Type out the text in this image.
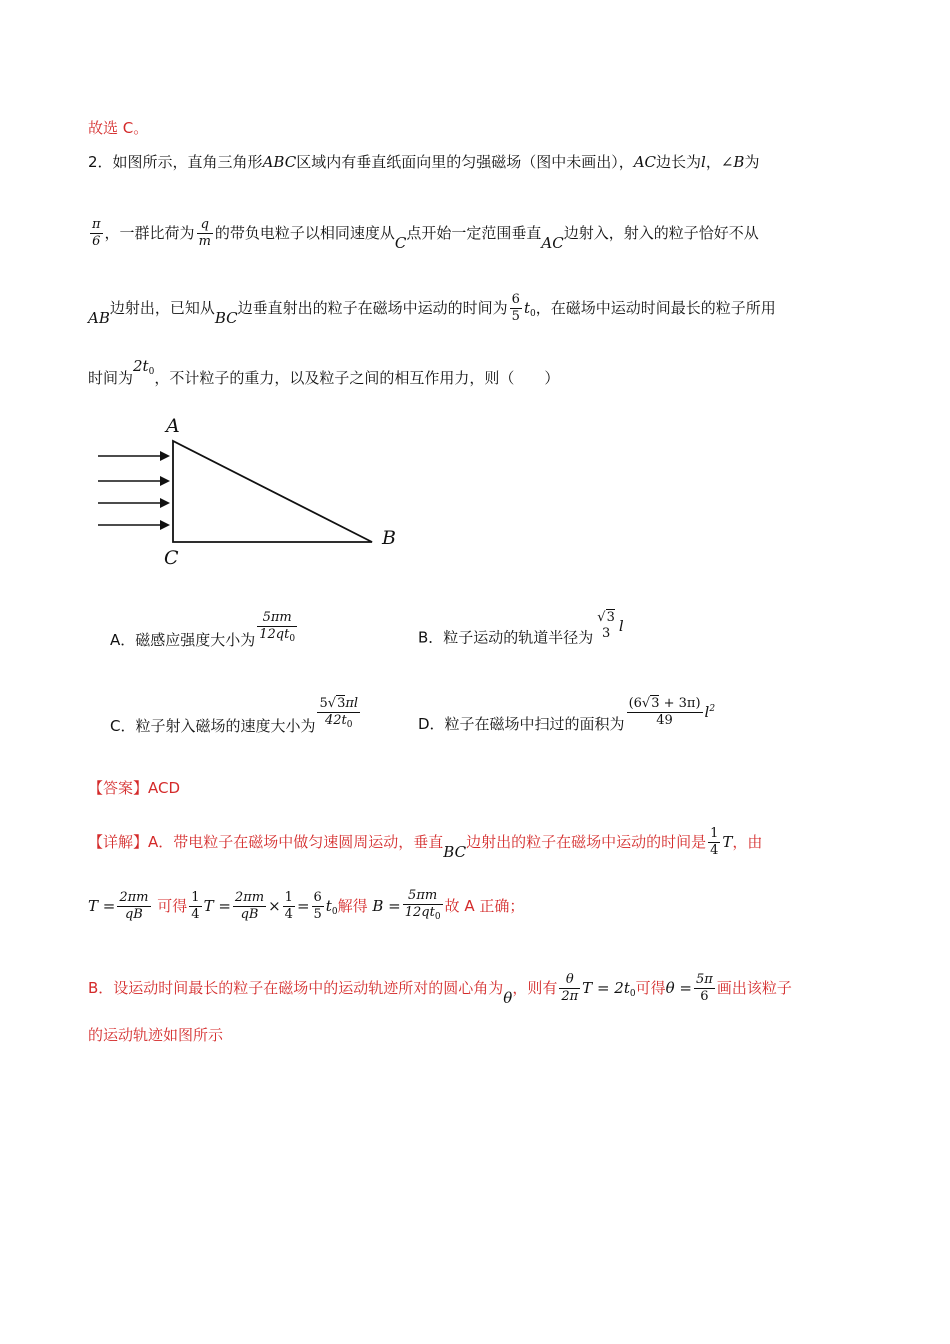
故选 C。
2．如图所示，直角三角形ABC区域内有垂直纸面向里的匀强磁场（图中未画出），AC边长为l，∠B为
$\frac{\pi}{6}$ ，一群比荷为 $\frac{q}{m}$ 的带负电粒子以相同速度从C点开始一定范围垂直AC边射入，射入的粒子恰好不从
AB边射出，已知从BC边垂直射出的粒子在磁场中运动的时间为 $\frac{6}{5} t_0$，在磁场中运动时间最长的粒子所用
时间为$2t_0$，不计粒子的重力，以及粒子之间的相互作用力，则（　　）
A
B
C
A．磁感应强度大小为 $\frac{5\pi m}{12qt_0}$	B．粒子运动的轨道半径为
√3
3 l
C．粒子射入磁场的速度大小为 $\frac{5√3\pi l}{42t_0}$	D．粒子在磁场中扫过的面积为 $\frac{(6√3 + 3\pi)}{49} l^2$
【答案】ACD
【详解】A．带电粒子在磁场中做匀速圆周运动，垂直BC边射出的粒子在磁场中运动的时间是 $\frac{1}{4}$ T，由
$T = \frac{2\pi m}{qB}$ 可得 $\frac{1}{4}$ $T = \frac{2\pi m}{qB} \times \frac{1}{4} = \frac{6}{5} t_0$解得 $B = \frac{5\pi m}{12qt_0}$ 故 A 正确；
B．设运动时间最长的粒子在磁场中的运动轨迹所对的圆心角为θ，则有 $\frac{\theta}{2\pi}$ $T = 2t_0$可得$\theta = \frac{5\pi}{6}$ 画出该粒子
的运动轨迹如图所示
